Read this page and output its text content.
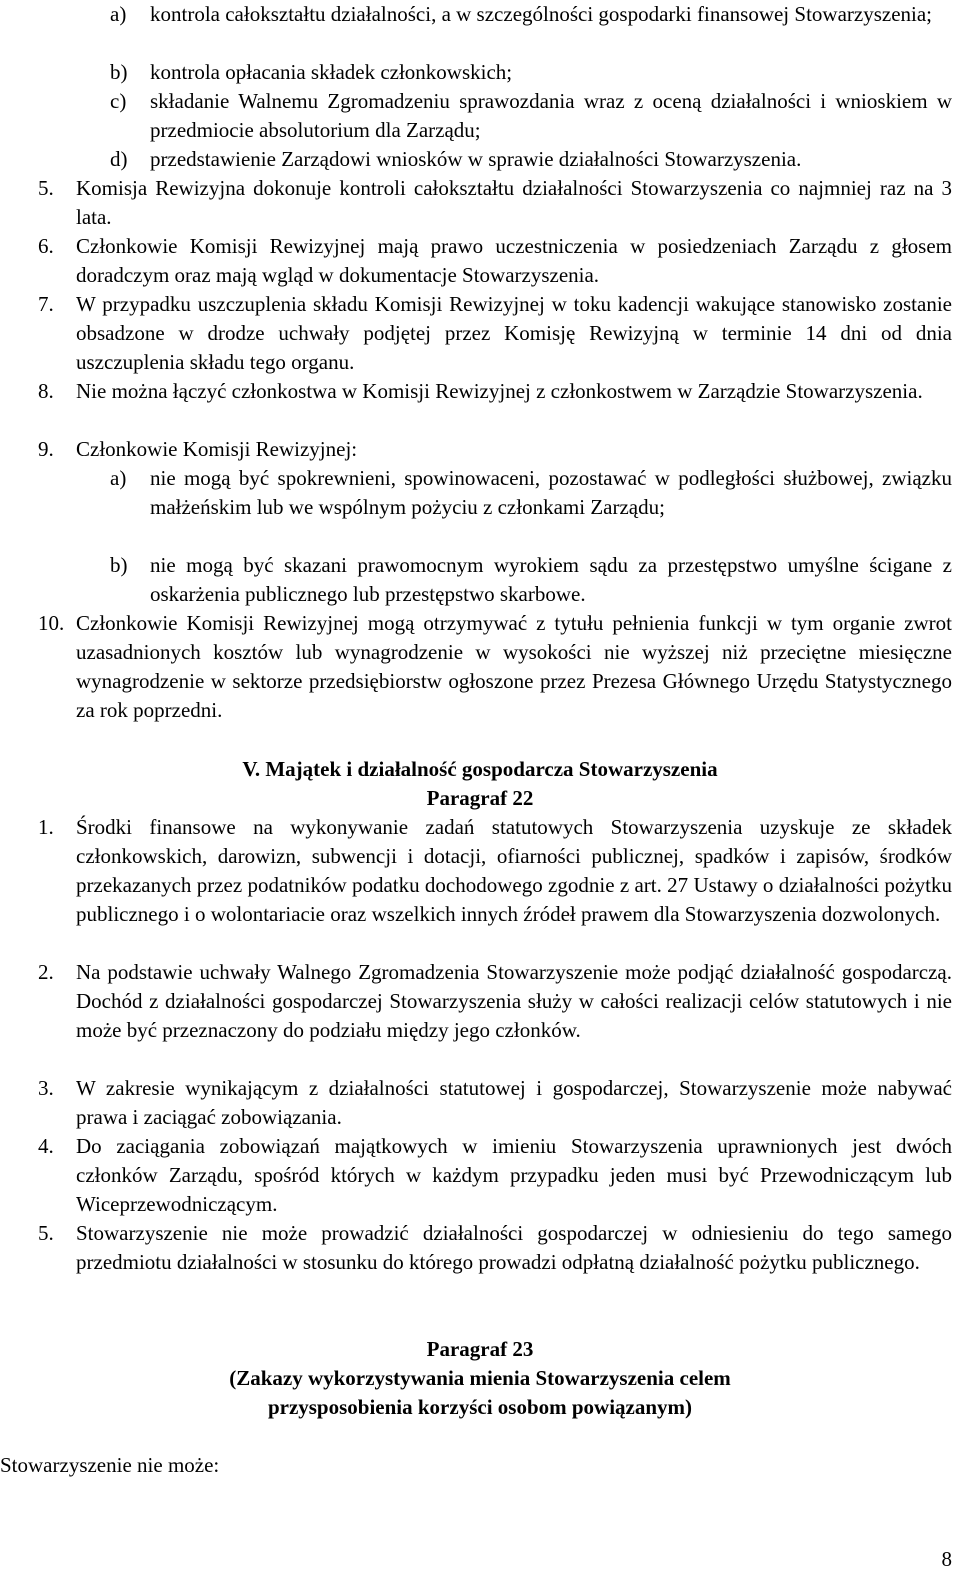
a)	kontrola całokształtu działalności, a w szczególności gospodarki finansowej Stowarzyszenia;
b)	kontrola opłacania składek członkowskich;
c)	składanie Walnemu Zgromadzeniu sprawozdania wraz z oceną działalności i wnioskiem w przedmiocie absolutorium dla Zarządu;
d)	przedstawienie Zarządowi wniosków w sprawie działalności Stowarzyszenia.
5.	Komisja Rewizyjna dokonuje kontroli całokształtu działalności Stowarzyszenia co najmniej raz na 3 lata.
6.	Członkowie Komisji Rewizyjnej mają prawo uczestniczenia w posiedzeniach Zarządu z głosem doradczym oraz mają wgląd w dokumentacje Stowarzyszenia.
7.	W przypadku uszczuplenia składu Komisji Rewizyjnej w toku kadencji wakujące stanowisko zostanie obsadzone w drodze uchwały podjętej przez Komisję Rewizyjną w terminie 14 dni od dnia uszczuplenia składu tego organu.
8.	Nie można łączyć członkostwa w Komisji Rewizyjnej z członkostwem w Zarządzie Stowarzyszenia.
9.	Członkowie Komisji Rewizyjnej:
a)	nie mogą być spokrewnieni, spowinowaceni, pozostawać w podległości służbowej, związku małżeńskim lub we wspólnym pożyciu z członkami Zarządu;
b)	nie mogą być skazani prawomocnym wyrokiem sądu za przestępstwo umyślne ścigane z oskarżenia publicznego lub przestępstwo skarbowe.
10. Członkowie Komisji Rewizyjnej mogą otrzymywać z tytułu pełnienia funkcji w tym organie zwrot uzasadnionych kosztów lub wynagrodzenie w wysokości nie wyższej niż przeciętne miesięczne wynagrodzenie w sektorze przedsiębiorstw ogłoszone przez Prezesa Głównego Urzędu Statystycznego za rok poprzedni.
V. Majątek i działalność gospodarcza Stowarzyszenia
Paragraf 22
1.	Środki finansowe na wykonywanie zadań statutowych Stowarzyszenia uzyskuje ze składek członkowskich, darowizn, subwencji i dotacji, ofiarności publicznej, spadków i zapisów, środków przekazanych przez podatników podatku dochodowego zgodnie z art. 27 Ustawy o działalności pożytku publicznego i o wolontariacie oraz wszelkich innych źródeł prawem dla Stowarzyszenia dozwolonych.
2.	Na podstawie uchwały Walnego Zgromadzenia Stowarzyszenie może podjąć działalność gospodarczą. Dochód z działalności gospodarczej Stowarzyszenia służy w całości realizacji celów statutowych i nie może być przeznaczony do podziału między jego członków.
3.	W zakresie wynikającym z działalności statutowej i gospodarczej, Stowarzyszenie może nabywać prawa i zaciągać zobowiązania.
4.	Do zaciągania zobowiązań majątkowych w imieniu Stowarzyszenia uprawnionych jest dwóch członków Zarządu, spośród których w każdym przypadku jeden musi być Przewodniczącym lub Wiceprzewodniczącym.
5.	Stowarzyszenie nie może prowadzić działalności gospodarczej w odniesieniu do tego samego przedmiotu działalności w stosunku do którego prowadzi odpłatną działalność pożytku publicznego.
Paragraf 23
(Zakazy wykorzystywania mienia Stowarzyszenia celem
przysposobienia korzyści osobom powiązanym)
Stowarzyszenie nie może:
8
